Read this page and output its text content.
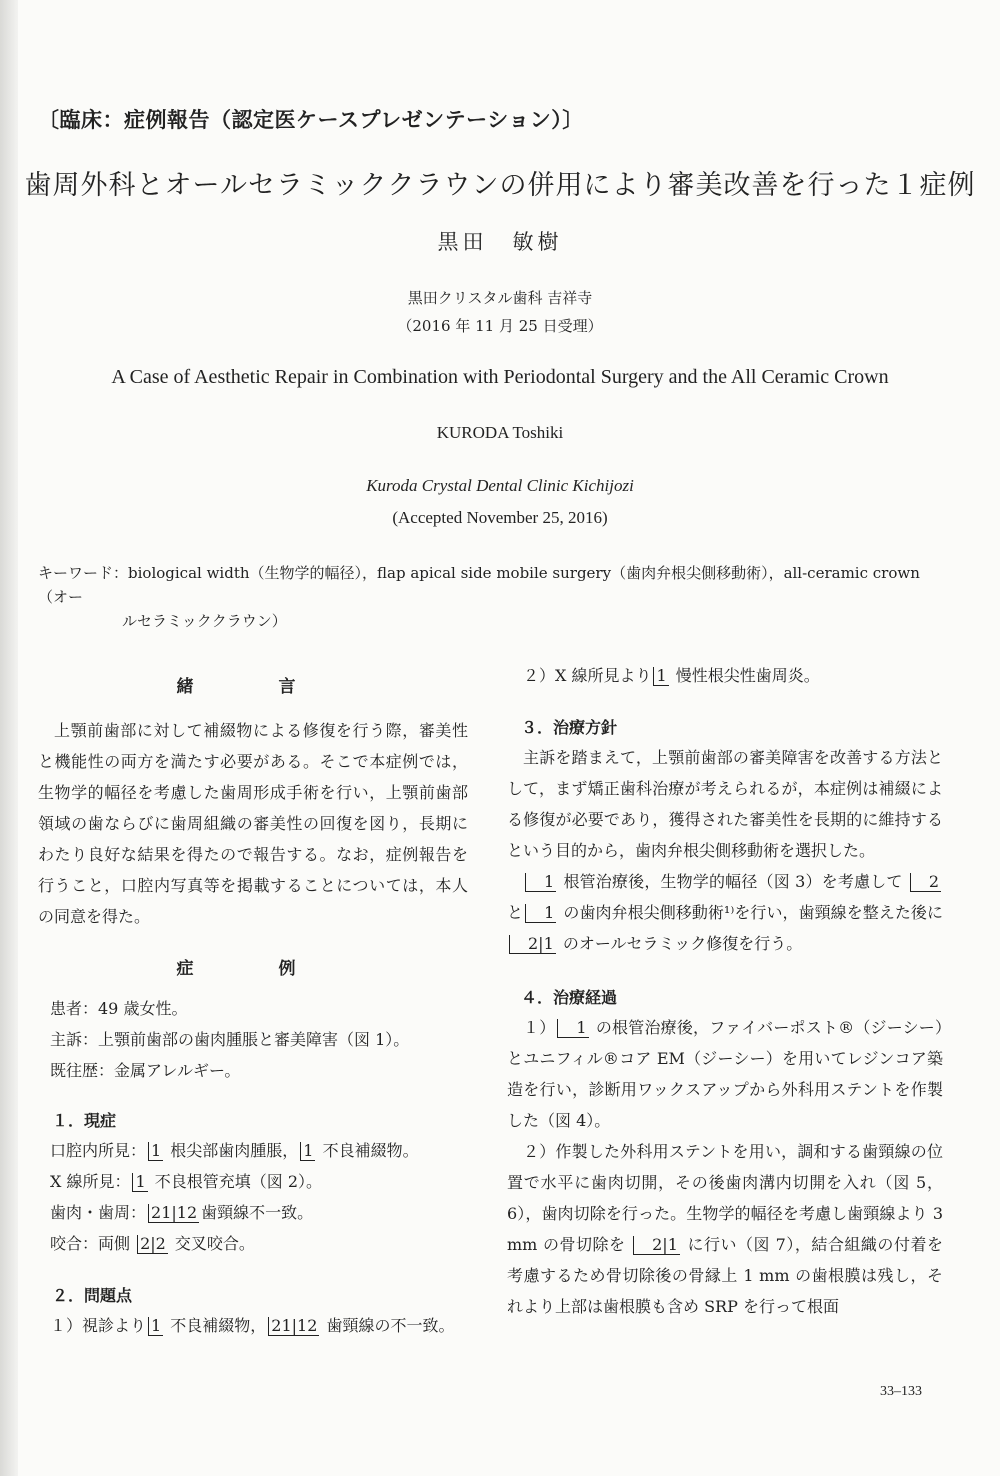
〔臨床：症例報告（認定医ケースプレゼンテーション）〕
歯周外科とオールセラミッククラウンの併用により審美改善を行った１症例
黒田　敏樹
黒田クリスタル歯科 吉祥寺
（2016 年 11 月 25 日受理）
A Case of Aesthetic Repair in Combination with Periodontal Surgery and the All Ceramic Crown
KURODA Toshiki
Kuroda Crystal Dental Clinic Kichijozi
(Accepted November 25, 2016)
キーワード：biological width（生物学的幅径），flap apical side mobile surgery（歯肉弁根尖側移動術），all-ceramic crown（オー
ルセラミッククラウン）
緒　言

上顎前歯部に対して補綴物による修復を行う際，審美性と機能性の両方を満たす必要がある。そこで本症例では，生物学的幅径を考慮した歯周形成手術を行い，上顎前歯部領域の歯ならびに歯周組織の審美性の回復を図り，長期にわたり良好な結果を得たので報告する。なお，症例報告を行うこと，口腔内写真等を掲載することについては，本人の同意を得た。

症　例

患者：49 歳女性。

主訴：上顎前歯部の歯肉腫脹と審美障害（図 1）。

既往歴：金属アレルギー。

１．現症

口腔内所見： 1 根尖部歯肉腫脹， 1 不良補綴物。

X 線所見： 1 不良根管充填（図 2）。

歯肉・歯周： 21|12 歯頸線不一致。

咬合：両側 2|2 交叉咬合。

２．問題点

１）視診より 1 不良補綴物， 21|12 歯頸線の不一致。

２）X 線所見より 1 慢性根尖性歯周炎。

３．治療方針

主訴を踏まえて，上顎前歯部の審美障害を改善する方法として，まず矯正歯科治療が考えられるが，本症例は補綴による修復が必要であり，獲得された審美性を長期的に維持するという目的から，歯肉弁根尖側移動術を選択した。

1 根管治療後，生物学的幅径（図 3）を考慮して 2 と 1 の歯肉弁根尖側移動術¹⁾を行い，歯頸線を整えた後に2|1 のオールセラミック修復を行う。

４．治療経過

１） 1 の根管治療後，ファイバーポスト®（ジーシー）とユニフィル®コア EM（ジーシー）を用いてレジンコア築造を行い，診断用ワックスアップから外科用ステントを作製した（図 4）。

２）作製した外科用ステントを用い，調和する歯頸線の位置で水平に歯肉切開，その後歯肉溝内切開を入れ（図 5，6），歯肉切除を行った。生物学的幅径を考慮し歯頸線より 3 mm の骨切除を 2|1 に行い（図 7），結合組織の付着を考慮するため骨切除後の骨縁上 1 mm の歯根膜は残し，それより上部は歯根膜も含め SRP を行って根面

33–133
